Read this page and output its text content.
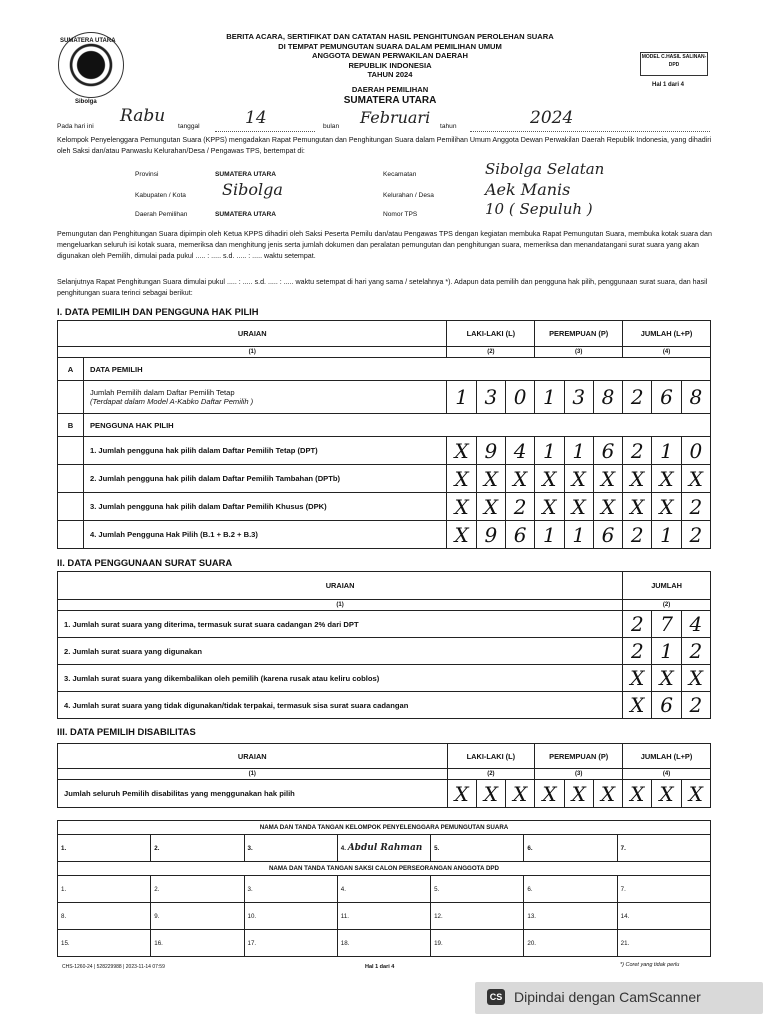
SUMATERA UTARA
Sibolga
BERITA ACARA, SERTIFIKAT DAN CATATAN HASIL PENGHITUNGAN PEROLEHAN SUARA
DI TEMPAT PEMUNGUTAN SUARA DALAM PEMILIHAN UMUM
ANGGOTA DEWAN PERWAKILAN DAERAH
REPUBLIK INDONESIA
TAHUN 2024
DAERAH PEMILIHAN
SUMATERA UTARA
MODEL C.HASIL SALINAN-DPD
Hal 1 dari 4
Pada hari ini
Rabu
tanggal	14	bulan Februari tahun	2024
Kelompok Penyelenggara Pemungutan Suara (KPPS) mengadakan Rapat Pemungutan dan Penghitungan Suara dalam Pemilihan Umum Anggota Dewan Perwakilan Daerah Republik Indonesia, yang dihadiri oleh Saksi dan/atau Panwaslu Kelurahan/Desa / Pengawas TPS, bertempat di:
Provinsi	SUMATERA UTARA
Kabupaten / Kota Sibolga
Daerah Pemilihan	SUMATERA UTARA
Kecamatan	Sibolga Selatan
Kelurahan / Desa	Aek Manis
Nomor TPS	10 ( Sepuluh )
Pemungutan dan Penghitungan Suara dipimpin oleh Ketua KPPS dihadiri oleh Saksi Peserta Pemilu dan/atau Pengawas TPS dengan kegiatan membuka Rapat Pemungutan Suara, membuka kotak suara dan mengeluarkan seluruh isi kotak suara, memeriksa dan menghitung jenis serta jumlah dokumen dan peralatan pemungutan dan penghitungan suara, memeriksa dan menandatangani surat suara yang akan digunakan oleh Pemilih, dimulai pada pukul ..... : ..... s.d. ..... : ..... waktu setempat.
Selanjutnya Rapat Penghitungan Suara dimulai pukul ..... : ..... s.d. ..... : ..... waktu setempat di hari yang sama / setelahnya *). Adapun data pemilih dan pengguna hak pilih, penggunaan surat suara, dan hasil penghitungan suara terinci sebagai berikut:
I. DATA PEMILIH DAN PENGGUNA HAK PILIH
URAIAN		LAKI-LAKI (L)			PEREMPUAN (P)			JUMLAH (L+P)		
(1)		(2)			(3)			(4)		
A	DATA PEMILIH									

	Jumlah Pemilih dalam Daftar Pemilih Tetap
(Terdapat dalam Model A-Kabko Daftar Pemilih )	1	3	0	1	3	8	2	6	8
B	PENGGUNA HAK PILIH									
	1. Jumlah pengguna hak pilih dalam Daftar Pemilih Tetap (DPT)	X	9	4	1	1	6	2	1	0
	2. Jumlah pengguna hak pilih dalam Daftar Pemilih Tambahan (DPTb)	X	X	X	X	X	X	X	X	X
	3. Jumlah pengguna hak pilih dalam Daftar Pemilih Khusus (DPK)	X	X	2	X	X	X	X	X	2
	4. Jumlah Pengguna Hak Pilih (B.1 + B.2 + B.3)	X	9	6	1	1	6	2	1	2
II. DATA PENGGUNAAN SURAT SUARA
URAIAN	JUMLAH		
(1)	(2)		
1. Jumlah surat suara yang diterima, termasuk surat suara cadangan 2% dari DPT	2	7	4
2. Jumlah surat suara yang digunakan	2	1	2
3. Jumlah surat suara yang dikembalikan oleh pemilih (karena rusak atau keliru coblos)	X	X	X
4. Jumlah surat suara yang tidak digunakan/tidak terpakai, termasuk sisa surat suara cadangan	X	6	2
III. DATA PEMILIH DISABILITAS
URAIAN	LAKI-LAKI (L)			PEREMPUAN (P)			JUMLAH (L+P)		
(1)	(2)			(3)			(4)		
Jumlah seluruh Pemilih disabilitas yang menggunakan hak pilih	X	X	X	X	X	X	X	X	X
NAMA DAN TANDA TANGAN KELOMPOK PENYELENGGARA PEMUNGUTAN SUARA						
1.	2.	3.	4. Abdul Rahman	5.	6.	7.
NAMA DAN TANDA TANGAN SAKSI CALON PERSEORANGAN ANGGOTA DPD						
1.	2.	3.	4.	5.	6.	7.
8.	9.	10.	11.	12.	13.	14.
15.	16.	17.	18.	19.	20.	21.
CHS-1260-24 | 528229988 | 2023-11-14 07:59	Hal 1 dari 4	*) Coret yang tidak perlu
CS Dipindai dengan CamScanner
